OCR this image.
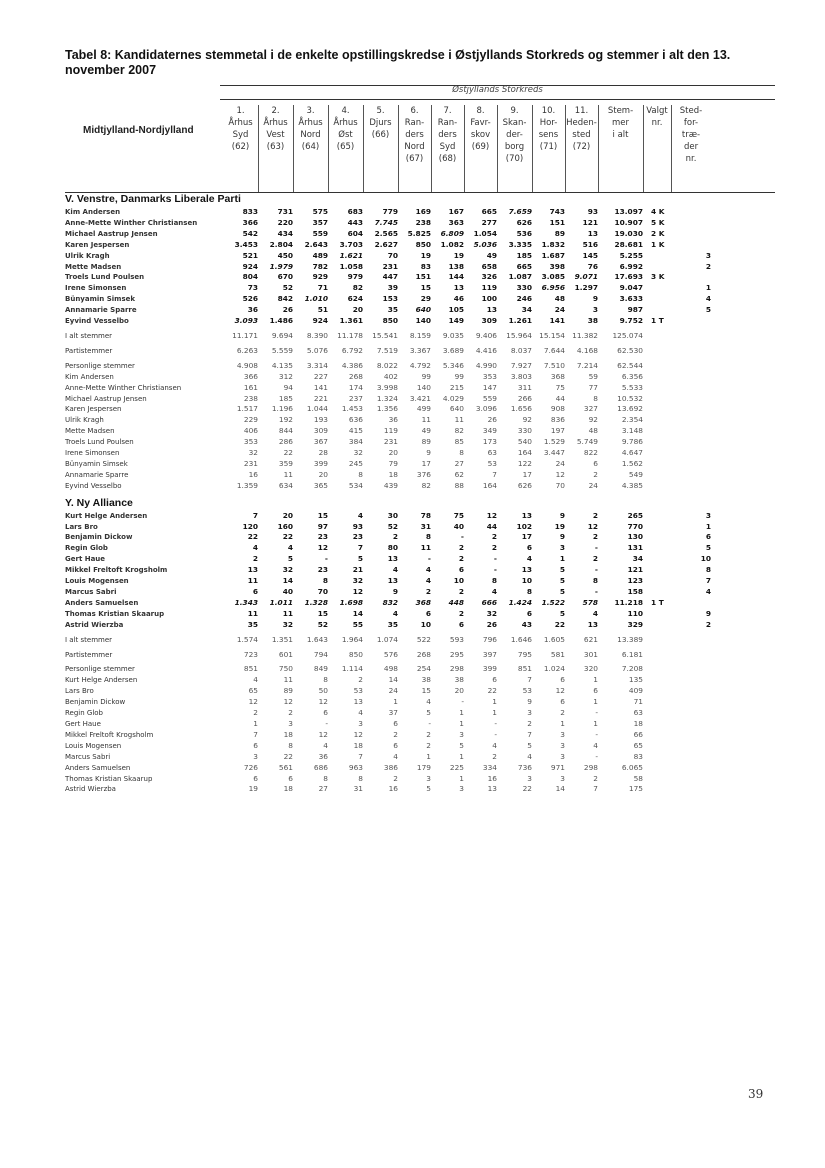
Tabel 8: Kandidaternes stemmetal i de enkelte opstillingskredse i Østjyllands Storkreds og stemmer i alt den 13. november 2007
Østjyllands Storkreds
Midtjylland-Nordjylland
1.
Århus
Syd
(62)
2.
Århus
Vest
(63)
3.
Århus
Nord
(64)
4.
Århus
Øst
(65)
5.
Djurs
(66)
6.
Ran-
ders
Nord
(67)
7.
Ran-
ders
Syd
(68)
8.
Favr-
skov
(69)
9.
Skan-
der-
borg
(70)
10.
Hor-
sens
(71)
11.
Heden-
sted
(72)
Stem-
mer
i alt
Valgt
nr.
Sted-
for-
træ-
der
nr.
V. Venstre, Danmarks Liberale Parti														
Kim Andersen	833	731	575	683	779	169	167	665	7.659	743	93	13.097	4 K	
Anne-Mette Winther Christiansen	366	220	357	443	7.745	238	363	277	626	151	121	10.907	5 K	
Michael Aastrup Jensen	542	434	559	604	2.565	5.825	6.809	1.054	536	89	13	19.030	2 K	
Karen Jespersen	3.453	2.804	2.643	3.703	2.627	850	1.082	5.036	3.335	1.832	516	28.681	1 K	
Ulrik Kragh	521	450	489	1.621	70	19	19	49	185	1.687	145	5.255		3
Mette Madsen	924	1.979	782	1.058	231	83	138	658	665	398	76	6.992		2
Troels Lund Poulsen	804	670	929	979	447	151	144	326	1.087	3.085	9.071	17.693	3 K	
Irene Simonsen	73	52	71	82	39	15	13	119	330	6.956	1.297	9.047		1
Bünyamin Simsek	526	842	1.010	624	153	29	46	100	246	48	9	3.633		4
Annamarie Sparre	36	26	51	20	35	640	105	13	34	24	3	987		5
Eyvind Vesselbo	3.093	1.486	924	1.361	850	140	149	309	1.261	141	38	9.752	1 T	
I alt stemmer	11.171	9.694	8.390	11.178	15.541	8.159	9.035	9.406	15.964	15.154	11.382	125.074		
Partistemmer	6.263	5.559	5.076	6.792	7.519	3.367	3.689	4.416	8.037	7.644	4.168	62.530		
Personlige stemmer	4.908	4.135	3.314	4.386	8.022	4.792	5.346	4.990	7.927	7.510	7.214	62.544		
Kim Andersen	366	312	227	268	402	99	99	353	3.803	368	59	6.356		
Anne-Mette Winther Christiansen	161	94	141	174	3.998	140	215	147	311	75	77	5.533		
Michael Aastrup Jensen	238	185	221	237	1.324	3.421	4.029	559	266	44	8	10.532		
Karen Jespersen	1.517	1.196	1.044	1.453	1.356	499	640	3.096	1.656	908	327	13.692		
Ulrik Kragh	229	192	193	636	36	11	11	26	92	836	92	2.354		
Mette Madsen	406	844	309	415	119	49	82	349	330	197	48	3.148		
Troels Lund Poulsen	353	286	367	384	231	89	85	173	540	1.529	5.749	9.786		
Irene Simonsen	32	22	28	32	20	9	8	63	164	3.447	822	4.647		
Bünyamin Simsek	231	359	399	245	79	17	27	53	122	24	6	1.562		
Annamarie Sparre	16	11	20	8	18	376	62	7	17	12	2	549		
Eyvind Vesselbo	1.359	634	365	534	439	82	88	164	626	70	24	4.385		
Y. Ny Alliance														
Kurt Helge Andersen	7	20	15	4	30	78	75	12	13	9	2	265		3
Lars Bro	120	160	97	93	52	31	40	44	102	19	12	770		1
Benjamin Dickow	22	22	23	23	2	8	-	2	17	9	2	130		6
Regin Glob	4	4	12	7	80	11	2	2	6	3	-	131		5
Gert Haue	2	5	-	5	13	-	2	-	4	1	2	34		10
Mikkel Freltoft Krogsholm	13	32	23	21	4	4	6	-	13	5	-	121		8
Louis Mogensen	11	14	8	32	13	4	10	8	10	5	8	123		7
Marcus Sabri	6	40	70	12	9	2	2	4	8	5	-	158		4
Anders Samuelsen	1.343	1.011	1.328	1.698	832	368	448	666	1.424	1.522	578	11.218	1 T	
Thomas Kristian Skaarup	11	11	15	14	4	6	2	32	6	5	4	110		9
Astrid Wierzba	35	32	52	55	35	10	6	26	43	22	13	329		2
I alt stemmer	1.574	1.351	1.643	1.964	1.074	522	593	796	1.646	1.605	621	13.389		
Partistemmer	723	601	794	850	576	268	295	397	795	581	301	6.181		
Personlige stemmer	851	750	849	1.114	498	254	298	399	851	1.024	320	7.208		
Kurt Helge Andersen	4	11	8	2	14	38	38	6	7	6	1	135		
Lars Bro	65	89	50	53	24	15	20	22	53	12	6	409		
Benjamin Dickow	12	12	12	13	1	4	-	1	9	6	1	71		
Regin Glob	2	2	6	4	37	5	1	1	3	2	-	63		
Gert Haue	1	3	-	3	6	-	1	-	2	1	1	18		
Mikkel Freltoft Krogsholm	7	18	12	12	2	2	3	-	7	3	-	66		
Louis Mogensen	6	8	4	18	6	2	5	4	5	3	4	65		
Marcus Sabri	3	22	36	7	4	1	1	2	4	3	-	83		
Anders Samuelsen	726	561	686	963	386	179	225	334	736	971	298	6.065		
Thomas Kristian Skaarup	6	6	8	8	2	3	1	16	3	3	2	58		
Astrid Wierzba	19	18	27	31	16	5	3	13	22	14	7	175		
39
